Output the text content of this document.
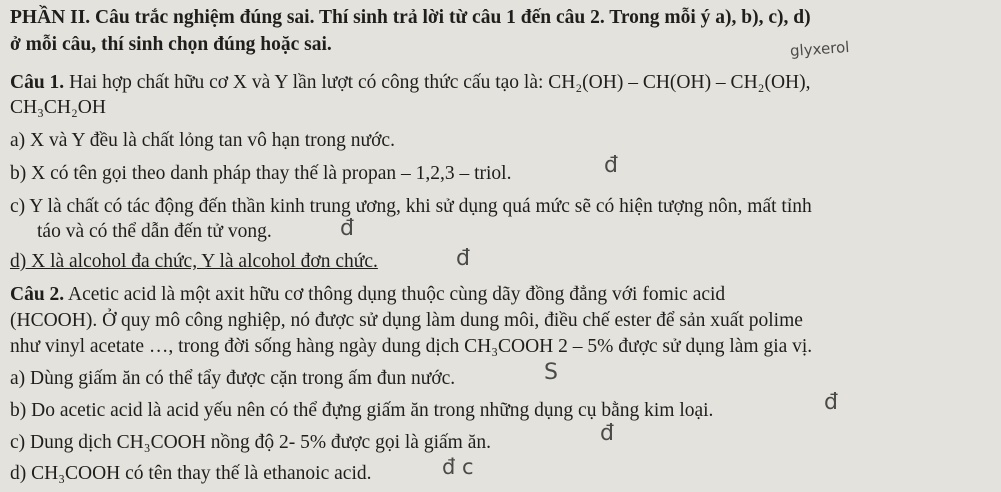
PHẦN II. Câu trắc nghiệm đúng sai. Thí sinh trả lời từ câu 1 đến câu 2. Trong mỗi ý a), b), c), d)
ở mỗi câu, thí sinh chọn đúng hoặc sai.	glyxerol
Câu 1. Hai hợp chất hữu cơ X và Y lần lượt có công thức cấu tạo là: CH₂(OH) – CH(OH) – CH₂(OH),
CH₃CH₂OH
a) X và Y đều là chất lỏng tan vô hạn trong nước.
b) X có tên gọi theo danh pháp thay thế là propan – 1,2,3 – triol.	đ
c) Y là chất có tác động đến thần kinh trung ương, khi sử dụng quá mức sẽ có hiện tượng nôn, mất tỉnh
táo và có thể dẫn đến tử vong.	đ
d) X là alcohol đa chức, Y là alcohol đơn chức.	đ
Câu 2. Acetic acid là một axit hữu cơ thông dụng thuộc cùng dãy đồng đẳng với fomic acid
(HCOOH). Ở quy mô công nghiệp, nó được sử dụng làm dung môi, điều chế ester để sản xuất polime
như vinyl acetate …, trong đời sống hàng ngày dung dịch CH₃COOH 2 – 5% được sử dụng làm gia vị.
a) Dùng giấm ăn có thể tẩy được cặn trong ấm đun nước.	S
b) Do acetic acid là acid yếu nên có thể đựng giấm ăn trong những dụng cụ bằng kim loại.	đ
c) Dung dịch CH₃COOH nồng độ 2- 5% được gọi là giấm ăn.	đ
d) CH₃COOH có tên thay thế là ethanoic acid.	đ c
